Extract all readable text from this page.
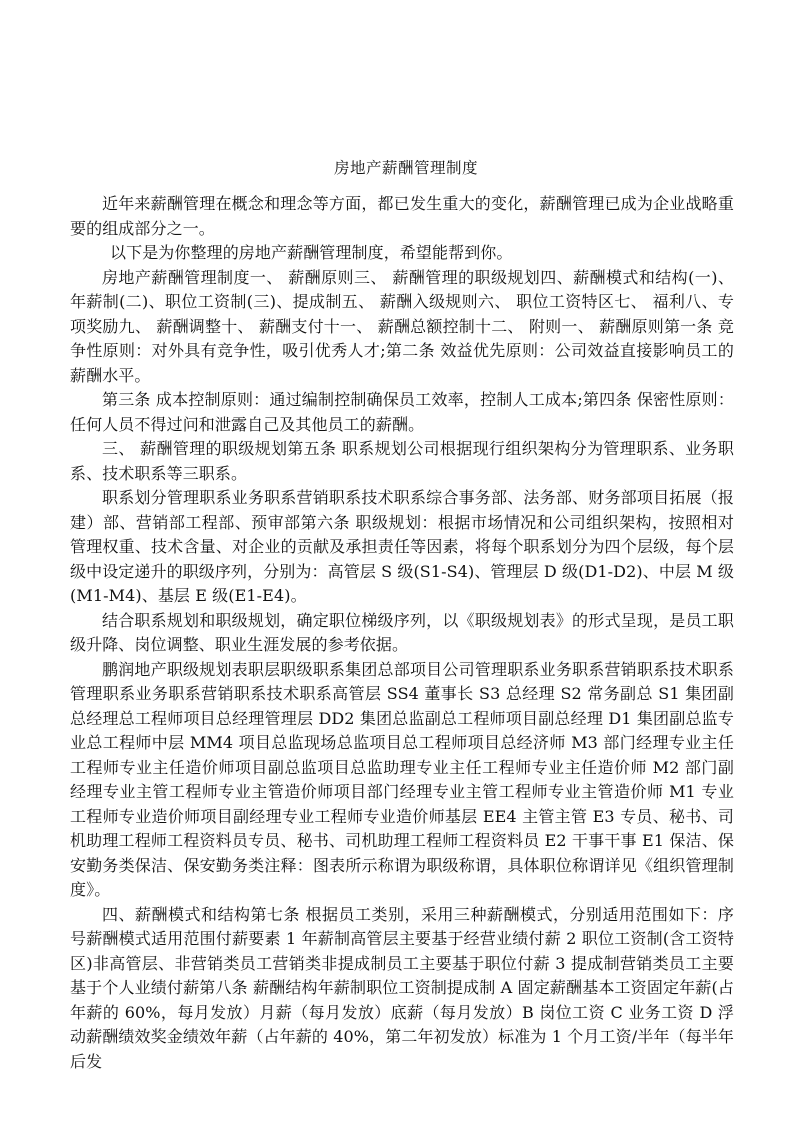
房地产薪酬管理制度

近年来薪酬管理在概念和理念等方面，都已发生重大的变化，薪酬管理已成为企业战略重要的组成部分之一。

以下是为你整理的房地产薪酬管理制度，希望能帮到你。

房地产薪酬管理制度一、 薪酬原则三、 薪酬管理的职级规划四、薪酬模式和结构(一)、年薪制(二)、职位工资制(三)、提成制五、 薪酬入级规则六、 职位工资特区七、 福利八、专项奖励九、 薪酬调整十、 薪酬支付十一、 薪酬总额控制十二、 附则一、 薪酬原则第一条 竞争性原则：对外具有竞争性，吸引优秀人才;第二条 效益优先原则：公司效益直接影响员工的薪酬水平。

第三条 成本控制原则：通过编制控制确保员工效率，控制人工成本;第四条 保密性原则：任何人员不得过问和泄露自己及其他员工的薪酬。

三、 薪酬管理的职级规划第五条 职系规划公司根据现行组织架构分为管理职系、业务职系、技术职系等三职系。

职系划分管理职系业务职系营销职系技术职系综合事务部、法务部、财务部项目拓展（报建）部、营销部工程部、预审部第六条 职级规划：根据市场情况和公司组织架构，按照相对管理权重、技术含量、对企业的贡献及承担责任等因素，将每个职系划分为四个层级，每个层级中设定递升的职级序列，分别为：高管层 S 级(S1-S4)、管理层 D 级(D1-D2)、中层 M 级(M1-M4)、基层 E 级(E1-E4)。

结合职系规划和职级规划，确定职位梯级序列，以《职级规划表》的形式呈现，是员工职级升降、岗位调整、职业生涯发展的参考依据。

鹏润地产职级规划表职层职级职系集团总部项目公司管理职系业务职系营销职系技术职系管理职系业务职系营销职系技术职系高管层 SS4 董事长 S3 总经理 S2 常务副总 S1 集团副总经理总工程师项目总经理管理层 DD2 集团总监副总工程师项目副总经理 D1 集团副总监专业总工程师中层 MM4 项目总监现场总监项目总工程师项目总经济师 M3 部门经理专业主任工程师专业主任造价师项目副总监项目总监助理专业主任工程师专业主任造价师 M2 部门副经理专业主管工程师专业主管造价师项目部门经理专业主管工程师专业主管造价师 M1 专业工程师专业造价师项目副经理专业工程师专业造价师基层 EE4 主管主管 E3 专员、秘书、司机助理工程师工程资料员专员、秘书、司机助理工程师工程资料员 E2 干事干事 E1 保洁、保安勤务类保洁、保安勤务类注释：图表所示称谓为职级称谓，具体职位称谓详见《组织管理制度》。

四、薪酬模式和结构第七条 根据员工类别，采用三种薪酬模式，分别适用范围如下：序号薪酬模式适用范围付薪要素 1 年薪制高管层主要基于经营业绩付薪 2 职位工资制(含工资特区)非高管层、非营销类员工营销类非提成制员工主要基于职位付薪 3 提成制营销类员工主要基于个人业绩付薪第八条 薪酬结构年薪制职位工资制提成制 A 固定薪酬基本工资固定年薪(占年薪的 60%，每月发放）月薪（每月发放）底薪（每月发放）B 岗位工资 C 业务工资 D 浮动薪酬绩效奖金绩效年薪（占年薪的 40%，第二年初发放）标准为 1 个月工资/半年（每半年后发
